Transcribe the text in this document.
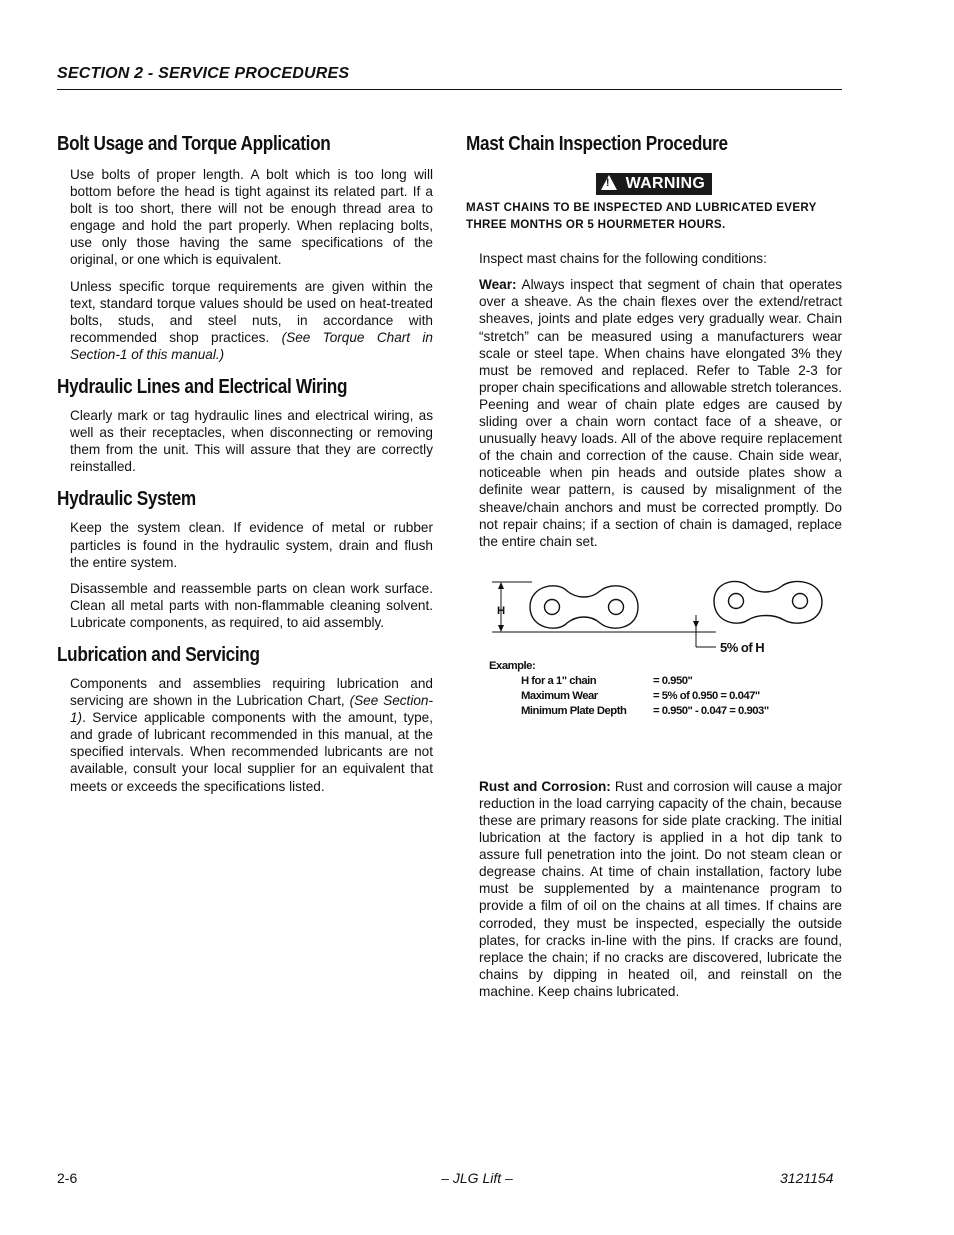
SECTION 2 - SERVICE PROCEDURES
Bolt Usage and Torque Application

Use bolts of proper length. A bolt which is too long will bottom before the head is tight against its related part. If a bolt is too short, there will not be enough thread area to engage and hold the part properly. When replacing bolts, use only those having the same specifications of the original, or one which is equivalent.

Unless specific torque requirements are given within the text, standard torque values should be used on heat-treated bolts, studs, and steel nuts, in accordance with recommended shop practices. (See Torque Chart in Section-1 of this manual.)

Hydraulic Lines and Electrical Wiring

Clearly mark or tag hydraulic lines and electrical wiring, as well as their receptacles, when disconnecting or removing them from the unit. This will assure that they are correctly reinstalled.

Hydraulic System

Keep the system clean. If evidence of metal or rubber particles is found in the hydraulic system, drain and flush the entire system.

Disassemble and reassemble parts on clean work surface. Clean all metal parts with non-flammable cleaning solvent. Lubricate components, as required, to aid assembly.

Lubrication and Servicing

Components and assemblies requiring lubrication and servicing are shown in the Lubrication Chart, (See Section-1). Service applicable components with the amount, type, and grade of lubricant recommended in this manual, at the specified intervals. When recommended lubricants are not available, consult your local supplier for an equivalent that meets or exceeds the specifications listed.

Mast Chain Inspection Procedure
! WARNING

MAST CHAINS TO BE INSPECTED AND LUBRICATED EVERY THREE MONTHS OR 5 HOURMETER HOURS.

Inspect mast chains for the following conditions:

Wear: Always inspect that segment of chain that operates over a sheave. As the chain flexes over the extend/retract sheaves, joints and plate edges very gradually wear. Chain “stretch” can be measured using a manufacturers wear scale or steel tape. When chains have elongated 3% they must be removed and replaced. Refer to Table 2-3 for proper chain specifications and allowable stretch tolerances. Peening and wear of chain plate edges are caused by sliding over a chain worn contact face of a sheave, or unusually heavy loads. All of the above require replacement of the chain and correction of the cause. Chain side wear, noticeable when pin heads and outside plates show a definite wear pattern, is caused by misalignment of the sheave/chain anchors and must be corrected promptly. Do not repair chains; if a section of chain is damaged, replace the entire chain set.

H
5% of H
Example:
H for a 1" chain	= 0.950"
Maximum Wear	= 5% of 0.950 = 0.047"
Minimum Plate Depth = 0.950" - 0.047 = 0.903"

Rust and Corrosion: Rust and corrosion will cause a major reduction in the load carrying capacity of the chain, because these are primary reasons for side plate cracking. The initial lubrication at the factory is applied in a hot dip tank to assure full penetration into the joint. Do not steam clean or degrease chains. At time of chain installation, factory lube must be supplemented by a maintenance program to provide a film of oil on the chains at all times. If chains are corroded, they must be inspected, especially the outside plates, for cracks in-line with the pins. If cracks are found, replace the chain; if no cracks are discovered, lubricate the chains by dipping in heated oil, and reinstall on the machine. Keep chains lubricated.

2-6	– JLG Lift –	3121154
